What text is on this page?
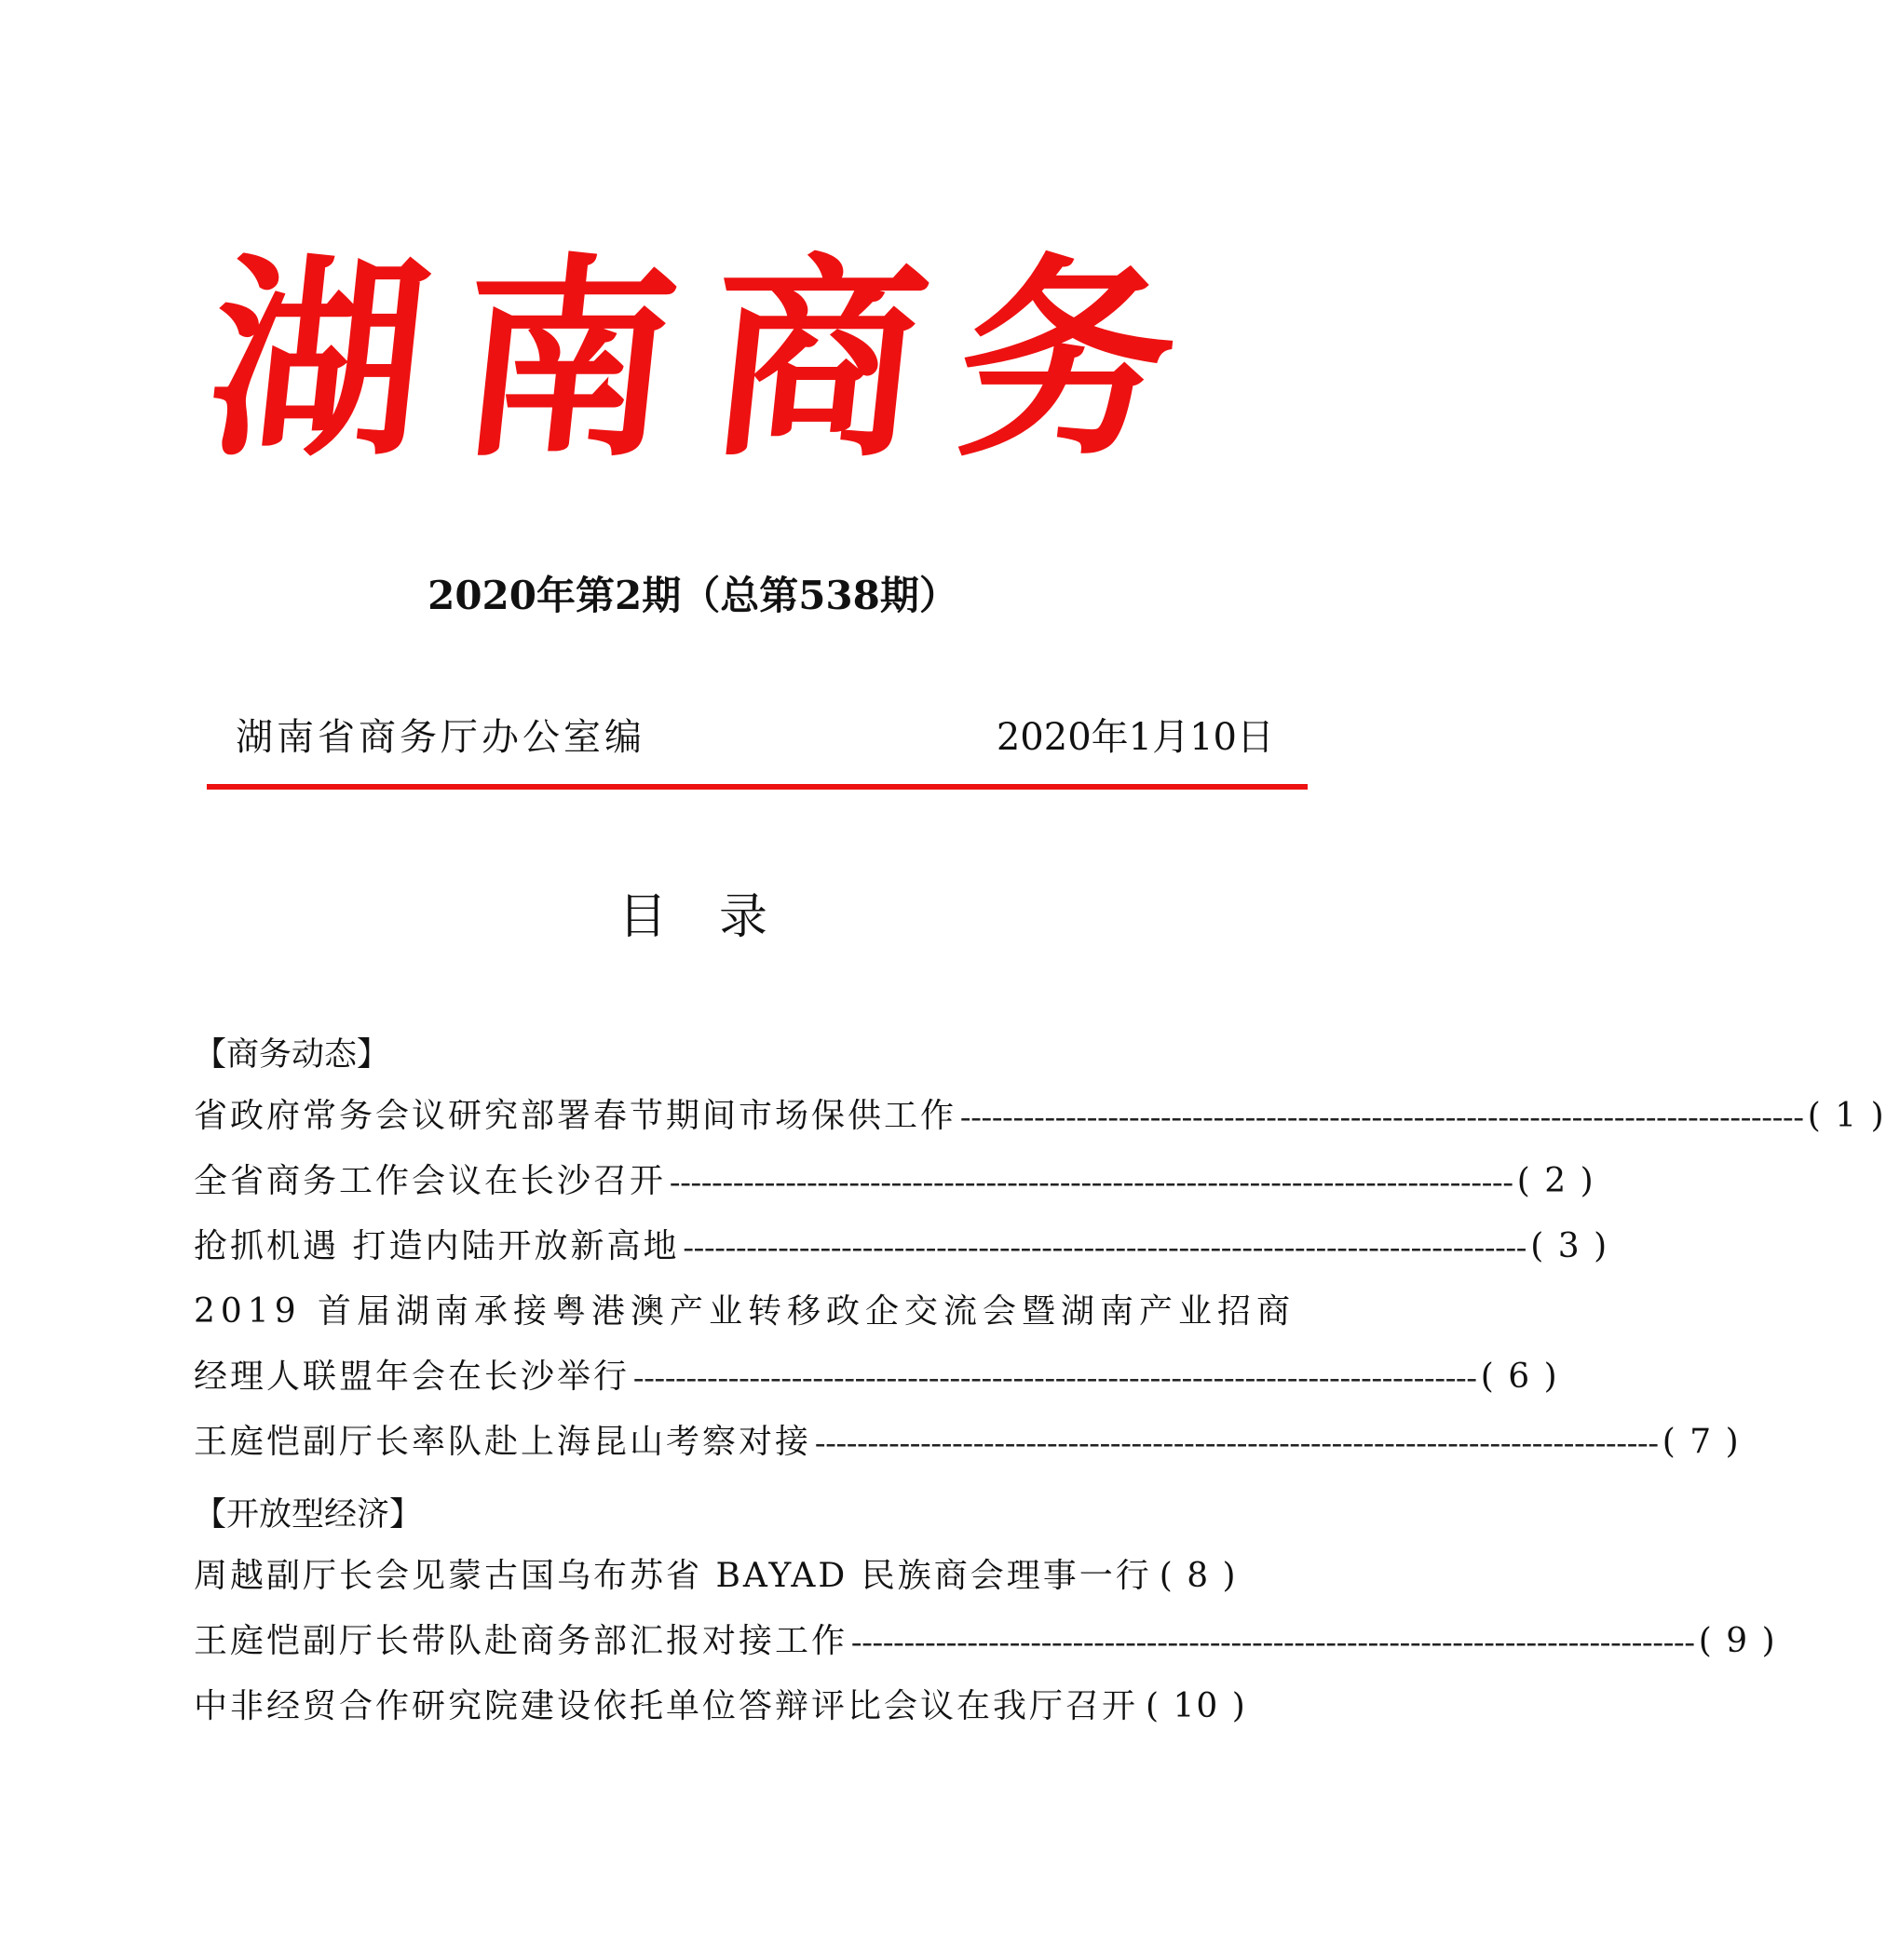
湖南商务
2020年第2期（总第538期）
湖南省商务厅办公室编	2020年1月10日
目录
【商务动态】
省政府常务会议研究部署春节期间市场保供工作 -------------------------------------------------------------------------------- ( 1 )
全省商务工作会议在长沙召开 -------------------------------------------------------------------------------- ( 2 )
抢抓机遇 打造内陆开放新高地 -------------------------------------------------------------------------------- ( 3 )
2019 首届湖南承接粤港澳产业转移政企交流会暨湖南产业招商
经理人联盟年会在长沙举行 -------------------------------------------------------------------------------- ( 6 )
王庭恺副厅长率队赴上海昆山考察对接 -------------------------------------------------------------------------------- ( 7 )
【开放型经济】
周越副厅长会见蒙古国乌布苏省 BAYAD 民族商会理事一行 ( 8 )
王庭恺副厅长带队赴商务部汇报对接工作 -------------------------------------------------------------------------------- ( 9 )
中非经贸合作研究院建设依托单位答辩评比会议在我厅召开 ( 10 )
